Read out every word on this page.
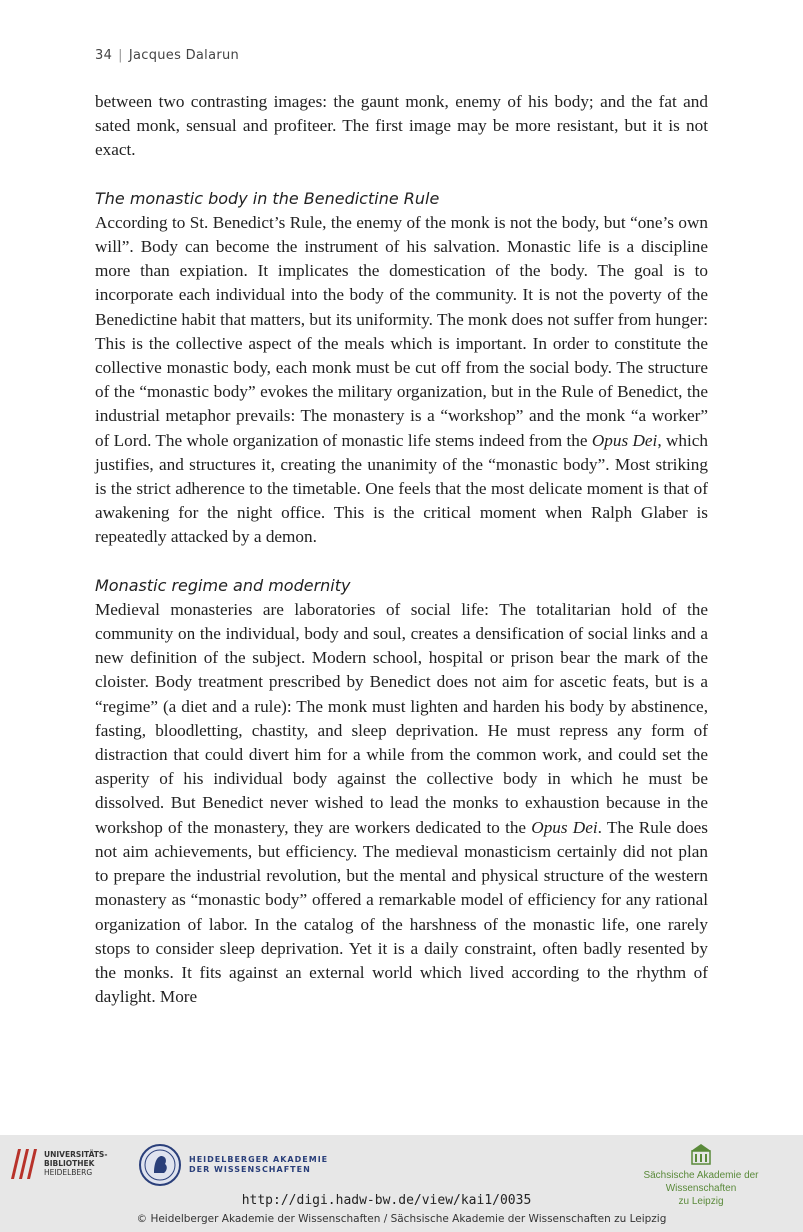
34 | Jacques Dalarun

between two contrasting images: the gaunt monk, enemy of his body; and the fat and sated monk, sensual and profiteer. The first image may be more resistant, but it is not exact.

The monastic body in the Benedictine Rule

According to St. Benedict’s Rule, the enemy of the monk is not the body, but “one’s own will”. Body can become the instrument of his salvation. Monastic life is a discipline more than expiation. It implicates the domestication of the body. The goal is to incorporate each individual into the body of the community. It is not the poverty of the Benedictine habit that matters, but its uniformity. The monk does not suffer from hunger: This is the collective aspect of the meals which is important. In order to constitute the collective monastic body, each monk must be cut off from the social body. The structure of the “monastic body” evokes the military organization, but in the Rule of Benedict, the industrial metaphor prevails: The monastery is a “workshop” and the monk “a worker” of Lord. The whole organization of monastic life stems indeed from the Opus Dei, which justifies, and structures it, creating the unanimity of the “monastic body”. Most striking is the strict adherence to the timetable. One feels that the most delicate moment is that of awakening for the night office. This is the critical moment when Ralph Glaber is repeatedly attacked by a demon.

Monastic regime and modernity

Medieval monasteries are laboratories of social life: The totalitarian hold of the community on the individual, body and soul, creates a densification of social links and a new definition of the subject. Modern school, hospital or prison bear the mark of the cloister. Body treatment prescribed by Benedict does not aim for ascetic feats, but is a “regime” (a diet and a rule): The monk must lighten and harden his body by abstinence, fasting, bloodletting, chastity, and sleep deprivation. He must repress any form of distraction that could divert him for a while from the common work, and could set the asperity of his individual body against the collective body in which he must be dissolved. But Benedict never wished to lead the monks to exhaustion because in the workshop of the monastery, they are workers dedicated to the Opus Dei. The Rule does not aim achievements, but efficiency. The medieval monasticism certainly did not plan to prepare the industrial revolution, but the mental and physical structure of the western monastery as “monastic body” offered a remarkable model of efficiency for any rational organization of labor. In the catalog of the harshness of the monastic life, one rarely stops to consider sleep deprivation. Yet it is a daily constraint, often badly resented by the monks. It fits against an external world which lived according to the rhythm of daylight. More

UNIVERSITÄTS-
BIBLIOTHEK
HEIDELBERG
HEIDELBERGER AKADEMIE
DER WISSENSCHAFTEN
Sächsische Akademie der Wissenschaften
zu Leipzig
http://digi.hadw-bw.de/view/kai1/0035
© Heidelberger Akademie der Wissenschaften / Sächsische Akademie der Wissenschaften zu Leipzig
